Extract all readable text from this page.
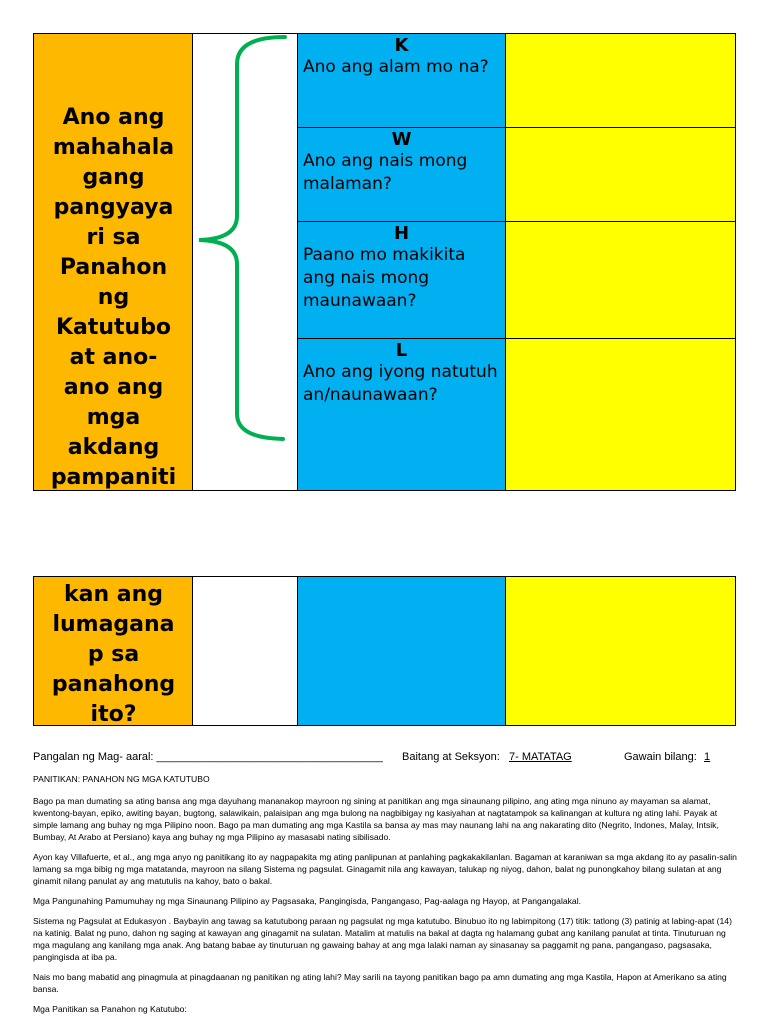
Ano ang
mahahala
gang
pangyaya
ri sa
Panahon
ng
Katutubo
at ano-
ano ang
mga
akdang
pampaniti
K
Ano ang alam mo na?
W
Ano ang nais mong malaman?
H
Paano mo makikita ang nais mong maunawaan?
L
Ano ang iyong natutuhan/naunawaan?
kan ang
lumagana
p sa
panahong
ito?
Pangalan ng Mag- aaral: _____________________________________ Baitang at Seksyon: 7- MATATAG	Gawain bilang: 1

PANITIKAN: PANAHON NG MGA KATUTUBO

Bago pa man dumating sa ating bansa ang mga dayuhang mananakop mayroon ng sining at panitikan ang mga sinaunang pilipino, ang ating mga ninuno ay mayaman sa alamat, kwentong-bayan, epiko, awiting bayan, bugtong, salawikain, palaisipan ang mga bulong na nagbibigay ng kasiyahan at nagtatampok sa kalinangan at kultura ng ating lahi. Payak at simple lamang ang buhay ng mga Pilipino noon. Bago pa man dumating ang mga Kastila sa bansa ay mas may naunang lahi na ang nakarating dito (Negrito, Indones, Malay, Intsik, Bumbay, At Arabo at Persiano) kaya ang buhay ng mga Pilipino ay masasabi nating sibilisado.

Ayon kay Villafuerte, et al., ang mga anyo ng panitikang ito ay nagpapakita mg ating panlipunan at panlahing pagkakakilanlan. Bagaman at karaniwan sa mga akdang ito ay pasalin-salin lamang sa mga bibig ng mga matatanda, mayroon na silang Sistema ng pagsulat. Ginagamit nila ang kawayan, talukap ng niyog, dahon, balat ng punongkahoy bilang sulatan at ang ginamit nilang panulat ay ang matutulis na kahoy, bato o bakal.

Mga Pangunahing Pamumuhay ng mga Sinaunang Pilipino ay Pagsasaka, Pangingisda, Pangangaso, Pag-aalaga ng Hayop, at Pangangalakal.

Sistema ng Pagsulat at Edukasyon . Baybayin ang tawag sa katutubong paraan ng pagsulat ng mga katutubo. Binubuo ito ng labimpitong (17) titik: tatlong (3) patinig at labing-apat (14) na katinig. Balat ng puno, dahon ng saging at kawayan ang ginagamit na sulatan. Matalim at matulis na bakal at dagta ng halamang gubat ang kanilang panulat at tinta. Tinuturuan ng mga magulang ang kanilang mga anak. Ang batang babae ay tinuturuan ng gawaing bahay at ang mga lalaki naman ay sinasanay sa paggamit ng pana, pangangaso, pagsasaka, pangingisda at iba pa.

Nais mo bang mabatid ang pinagmula at pinagdaanan ng panitikan ng ating lahi? May sarili na tayong panitikan bago pa amn dumating ang mga Kastila, Hapon at Amerikano sa ating bansa.

Mga Panitikan sa Panahon ng Katutubo:
